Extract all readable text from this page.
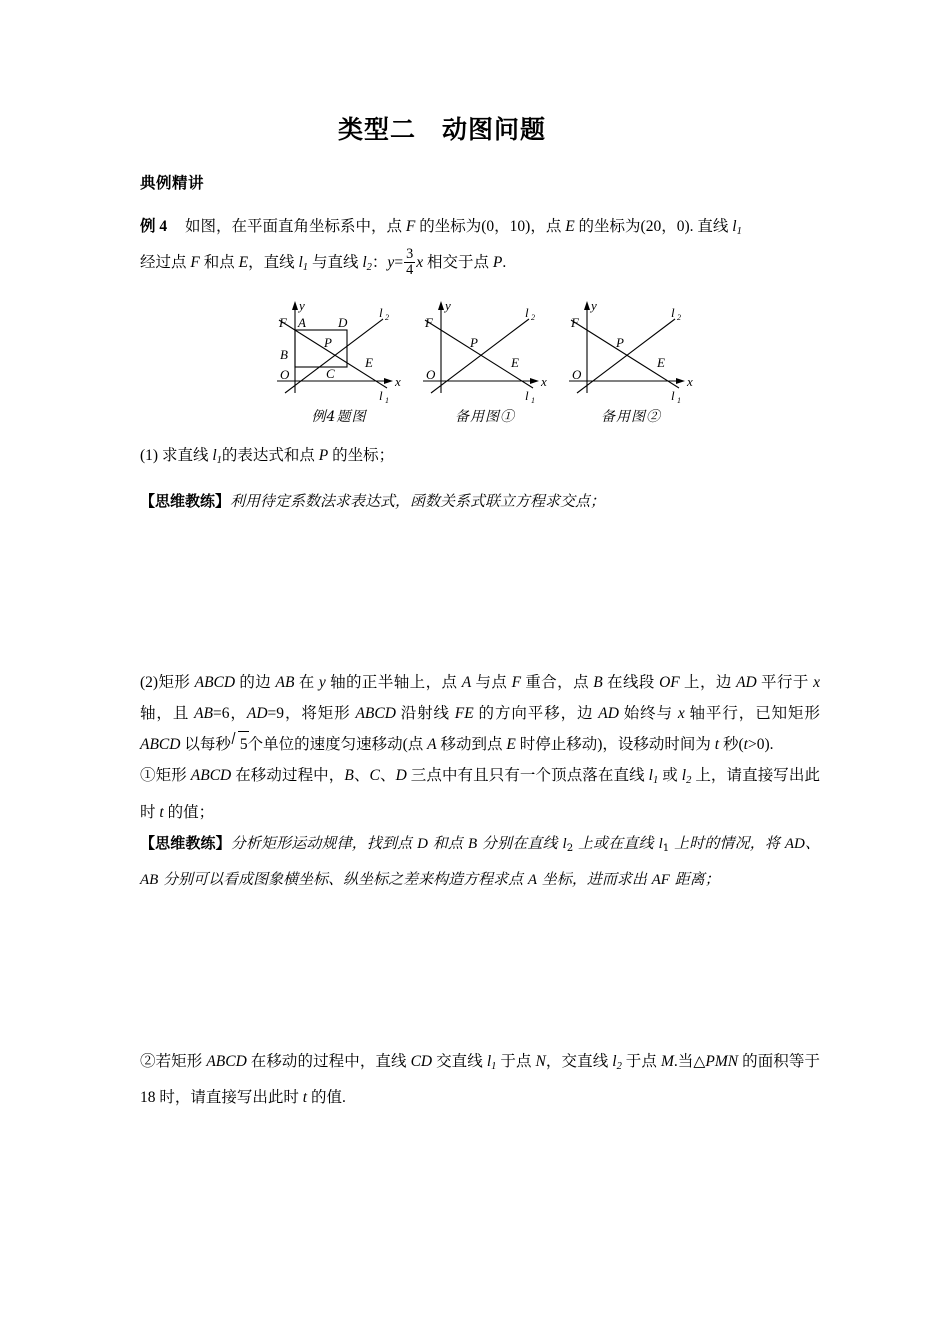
类型二　动图问题
典例精讲

例 4 如图，在平面直角坐标系中，点 F 的坐标为(0，10)，点 E 的坐标为(20，0). 直线 $l_1$
经过点 F 和点 E，直线 $l_1$ 与直线 $l_2$：$y= \frac{3}{4}$ x 相交于点 P.

F A D
B
O	C
P
E
x
y	l 2
l 1
例4题图
F
O
P
E
x
y	l 2
l 1
备用图①
F
O
P
E
x
y	l 2
l 1
备用图②

(1) 求直线 $l_1$的表达式和点 P 的坐标；

【思维教练】利用待定系数法求表达式，函数关系式联立方程求交点；

(2)矩形 ABCD 的边 AB 在 y 轴的正半轴上，点 A 与点 F 重合，点 B 在线段 OF 上，边 AD 平行于 x 轴，且 AB=6，AD=9，将矩形 ABCD 沿射线 FE 的方向平移，边 AD 始终与 x 轴平行，已知矩形 ABCD 以每秒 5个单位的速度匀速移动(点 A 移动到点 E 时停止移动)，设移动时间为 t 秒(t>0).

①矩形 ABCD 在移动过程中，B、C、D 三点中有且只有一个顶点落在直线 $l_1$ 或 $l_2$ 上，请直接写出此时 t 的值；

【思维教练】分析矩形运动规律，找到点 D 和点 B 分别在直线 $l_2$ 上或在直线 $l_1$ 上时的情况，将 AD、AB 分别可以看成图象横坐标、纵坐标之差来构造方程求点 A 坐标，进而求出 AF 距离；

②若矩形 ABCD 在移动的过程中，直线 CD 交直线 $l_1$ 于点 N，交直线 $l_2$ 于点 M.当△PMN 的面积等于 18 时，请直接写出此时 t 的值.
